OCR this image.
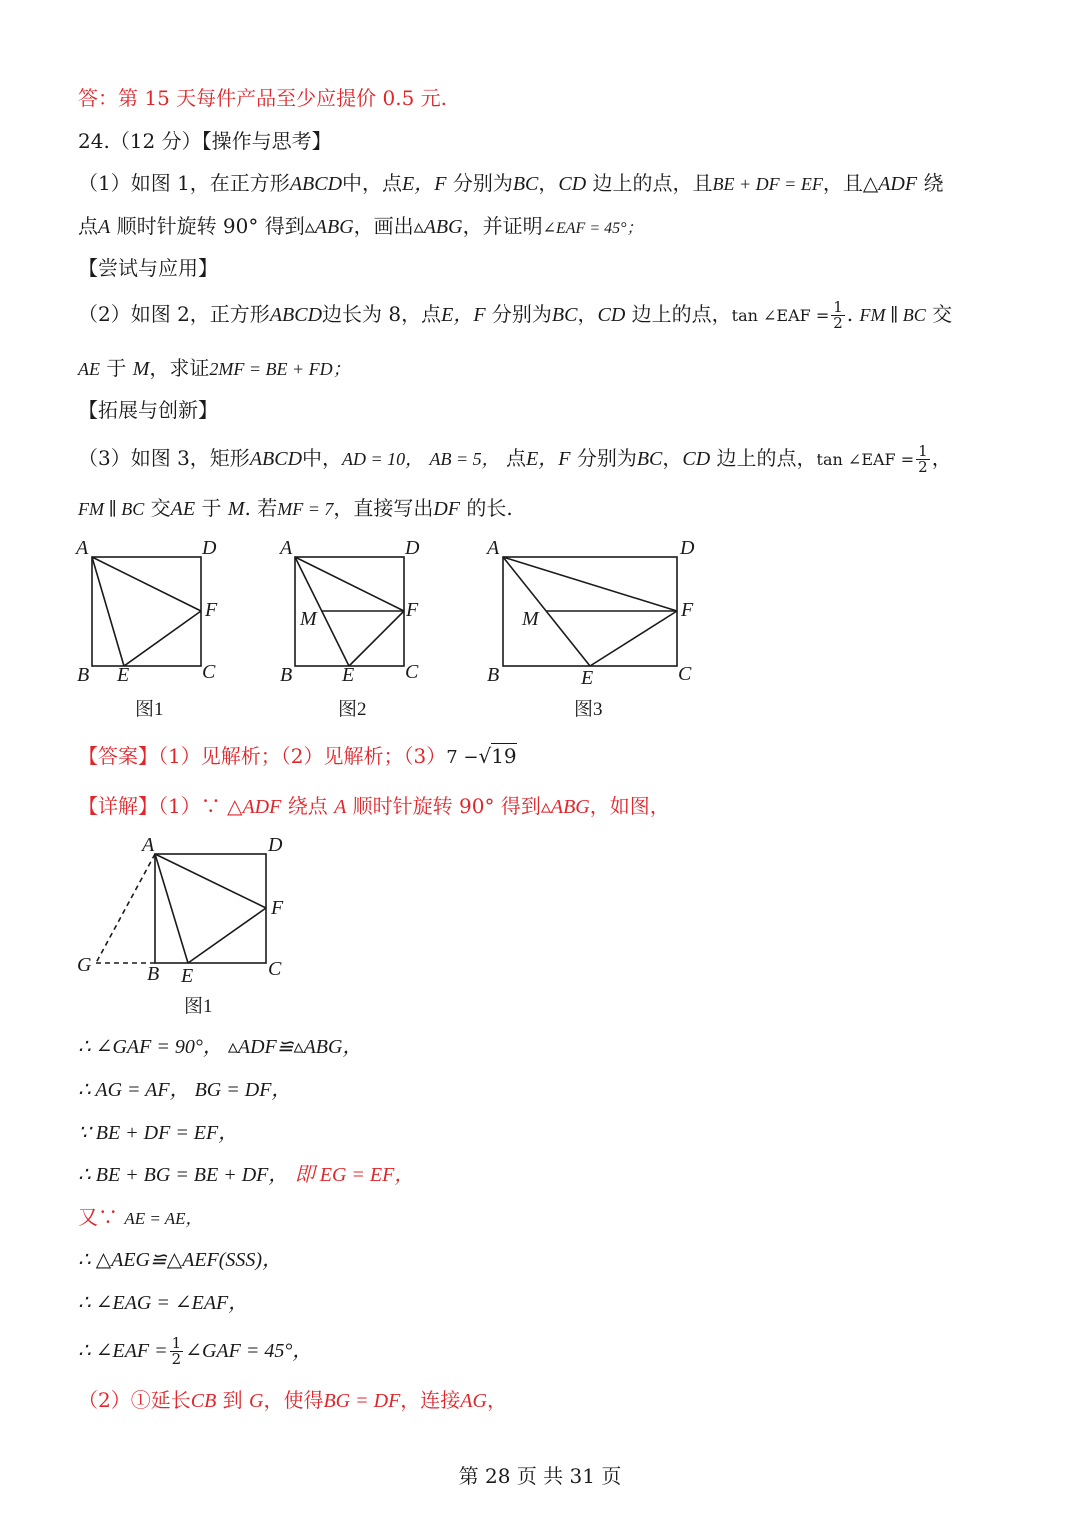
答：第 15 天每件产品至少应提价 0.5 元.
24.（12 分）【操作与思考】
（1）如图 1，在正方形ABCD中，点E，F 分别为BC，CD 边上的点，且BE + DF = EF，且△ADF 绕
点A 顺时针旋转 90° 得到▵ABG，画出▵ABG，并证明∠EAF = 45°；
【尝试与应用】
（2）如图 2，正方形ABCD边长为 8，点E，F 分别为BC，CD 边上的点，tan ∠EAF = $\frac{1}{2}$ . FM ∥ BC 交
AE 于 M，求证2MF = BE + FD；
【拓展与创新】
（3）如图 3，矩形ABCD中，AD = 10， AB = 5， 点E，F 分别为BC，CD 边上的点，tan ∠EAF = $\frac{1}{2}$ ，
FM ∥ BC 交AE 于 M. 若MF = 7，直接写出DF 的长.
A	D
F
B E	C
图1
A	D
F
M
B E	C
图2
A	D
F
M
B	E	C
图3
【答案】（1）见解析；（2）见解析；（3）7 −√19
【详解】（1）∵ △ADF 绕点 A 顺时针旋转 90° 得到▵ABG，如图，
A	D
F
G	B E	C
图1
∴ ∠GAF = 90°， ▵ADF≌▵ABG，
∴ AG = AF， BG = DF，
∵ BE + DF = EF，
∴ BE + BG = BE + DF， 即 EG = EF，
又∵ AE = AE，
∴ △AEG≌△AEF(SSS)，
∴ ∠EAG = ∠EAF，
∴ ∠EAF = $\frac{1}{2}$ ∠GAF = 45°，
（2）①延长CB 到 G，使得BG = DF，连接AG，
第 28 页 共 31 页
